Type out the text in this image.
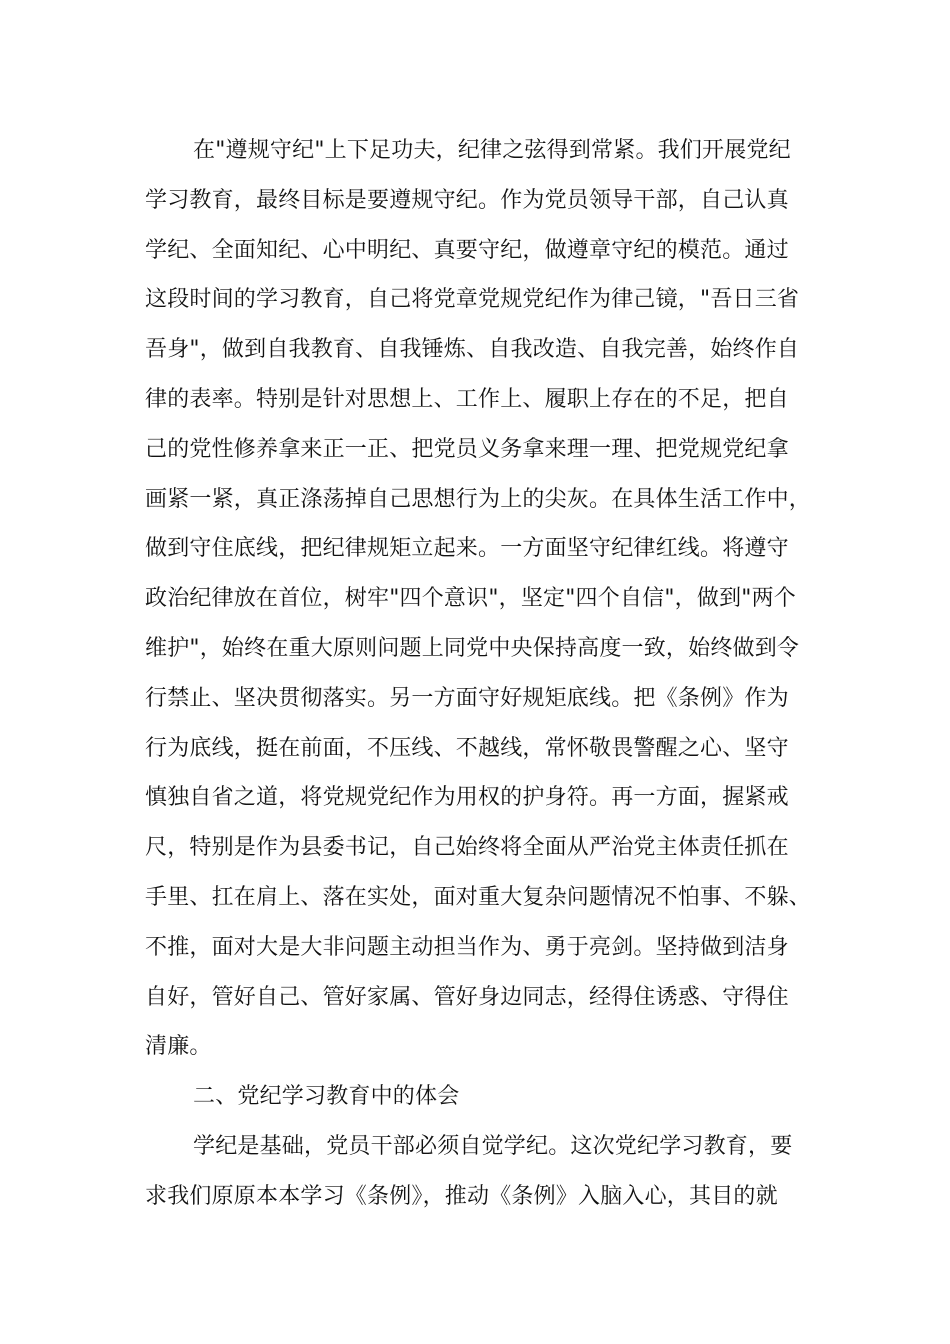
在"遵规守纪"上下足功夫，纪律之弦得到常紧。我们开展党纪
学习教育，最终目标是要遵规守纪。作为党员领导干部，自己认真
学纪、全面知纪、心中明纪、真要守纪，做遵章守纪的模范。通过
这段时间的学习教育，自己将党章党规党纪作为律己镜，"吾日三省
吾身"，做到自我教育、自我锤炼、自我改造、自我完善，始终作自
律的表率。特别是针对思想上、工作上、履职上存在的不足，把自
己的党性修养拿来正一正、把党员义务拿来理一理、把党规党纪拿
画紧一紧，真正涤荡掉自己思想行为上的尖灰。在具体生活工作中，
做到守住底线，把纪律规矩立起来。一方面坚守纪律红线。将遵守
政治纪律放在首位，树牢"四个意识"，坚定"四个自信"，做到"两个
维护"，始终在重大原则问题上同党中央保持高度一致，始终做到令
行禁止、坚决贯彻落实。另一方面守好规矩底线。把《条例》作为
行为底线，挺在前面，不压线、不越线，常怀敬畏警醒之心、坚守
慎独自省之道，将党规党纪作为用权的护身符。再一方面，握紧戒
尺，特别是作为县委书记，自己始终将全面从严治党主体责任抓在
手里、扛在肩上、落在实处，面对重大复杂问题情况不怕事、不躲、
不推，面对大是大非问题主动担当作为、勇于亮剑。坚持做到洁身
自好，管好自己、管好家属、管好身边同志，经得住诱惑、守得住
清廉。
二、党纪学习教育中的体会
学纪是基础，党员干部必须自觉学纪。这次党纪学习教育，要
求我们原原本本学习《条例》，推动《条例》入脑入心，其目的就
